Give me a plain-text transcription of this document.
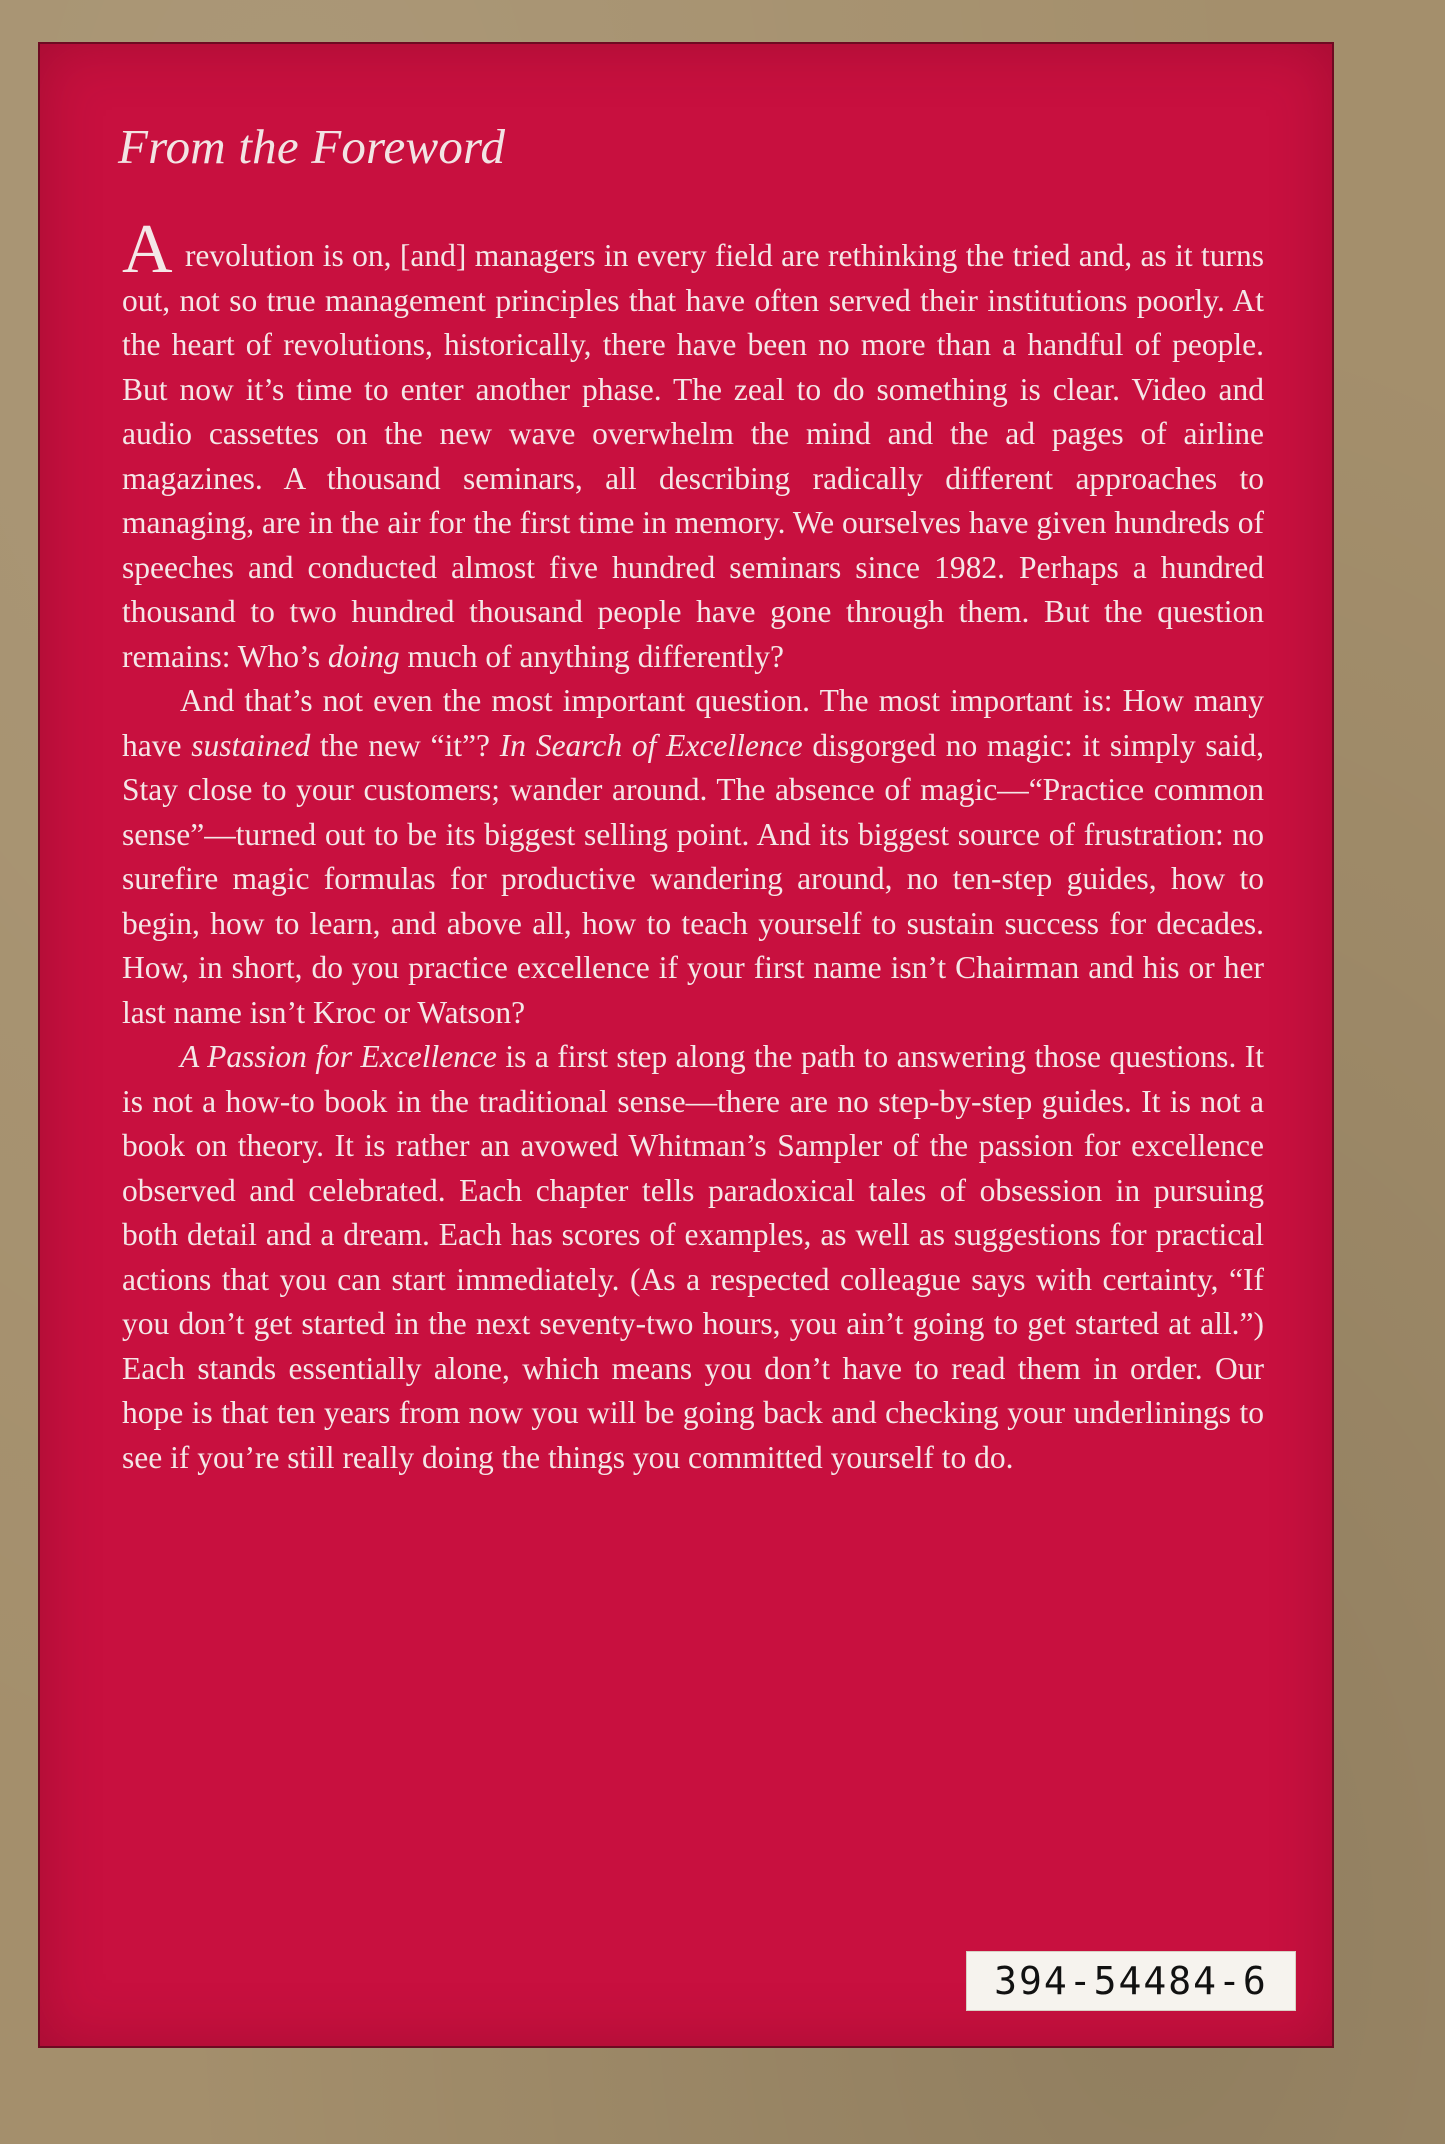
From the Foreword

A revolution is on, [and] managers in every field are rethinking the tried and, as it turns out, not so true management principles that have often served their institutions poorly. At the heart of revolutions, historically, there have been no more than a handful of people. But now it’s time to enter another phase. The zeal to do something is clear. Video and audio cassettes on the new wave overwhelm the mind and the ad pages of airline magazines. A thousand seminars, all describing radically different approaches to managing, are in the air for the first time in memory. We ourselves have given hundreds of speeches and conducted almost five hundred seminars since 1982. Perhaps a hundred thousand to two hundred thousand people have gone through them. But the question remains: Who’s doing much of anything differently?

And that’s not even the most important question. The most important is: How many have sustained the new “it”? In Search of Excellence disgorged no magic: it simply said, Stay close to your customers; wander around. The absence of magic—“Practice common sense”—turned out to be its biggest selling point. And its biggest source of frustration: no surefire magic formulas for productive wandering around, no ten-step guides, how to begin, how to learn, and above all, how to teach yourself to sustain success for decades. How, in short, do you practice excellence if your first name isn’t Chairman and his or her last name isn’t Kroc or Watson?

A Passion for Excellence is a first step along the path to answering those questions. It is not a how-to book in the traditional sense—there are no step-by-step guides. It is not a book on theory. It is rather an avowed Whitman’s Sampler of the passion for excellence observed and celebrated. Each chapter tells paradoxical tales of obsession in pursuing both detail and a dream. Each has scores of examples, as well as suggestions for practical actions that you can start immediately. (As a respected colleague says with certainty, “If you don’t get started in the next seventy-two hours, you ain’t going to get started at all.”) Each stands essentially alone, which means you don’t have to read them in order. Our hope is that ten years from now you will be going back and checking your underlinings to see if you’re still really doing the things you committed yourself to do.

394-54484-6
